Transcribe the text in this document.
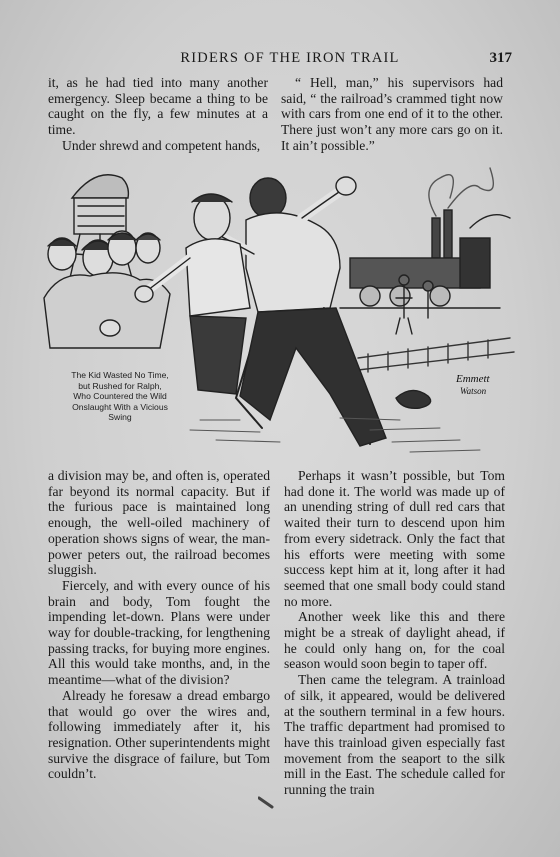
RIDERS OF THE IRON TRAIL	317

it, as he had tied into many another emergency. Sleep became a thing to be caught on the fly, a few minutes at a time.

Under shrewd and competent hands,

“ Hell, man,” his supervisors had said, “ the railroad’s crammed tight now with cars from one end of it to the other. There just won’t any more cars go on it. It ain’t possible.”

Emmett
Watson
The Kid Wasted No Time,
but Rushed for Ralph,
Who Countered the Wild
Onslaught With a Vicious
Swing

a division may be, and often is, operated far beyond its normal capacity. But if the furious pace is maintained long enough, the well-oiled machinery of operation shows signs of wear, the man-power peters out, the railroad becomes sluggish.

Fiercely, and with every ounce of his brain and body, Tom fought the impending let-down. Plans were under way for double-tracking, for lengthening passing tracks, for buying more engines. All this would take months, and, in the meantime—what of the division?

Already he foresaw a dread embargo that would go over the wires and, following immediately after it, his resignation. Other superintendents might survive the disgrace of failure, but Tom couldn’t.

Perhaps it wasn’t possible, but Tom had done it. The world was made up of an unending string of dull red cars that waited their turn to descend upon him from every sidetrack. Only the fact that his efforts were meeting with some success kept him at it, long after it had seemed that one small body could stand no more.

Another week like this and there might be a streak of daylight ahead, if he could only hang on, for the coal season would soon begin to taper off.

Then came the telegram. A trainload of silk, it appeared, would be delivered at the southern terminal in a few hours. The traffic department had promised to have this trainload given especially fast movement from the seaport to the silk mill in the East. The schedule called for running the train
